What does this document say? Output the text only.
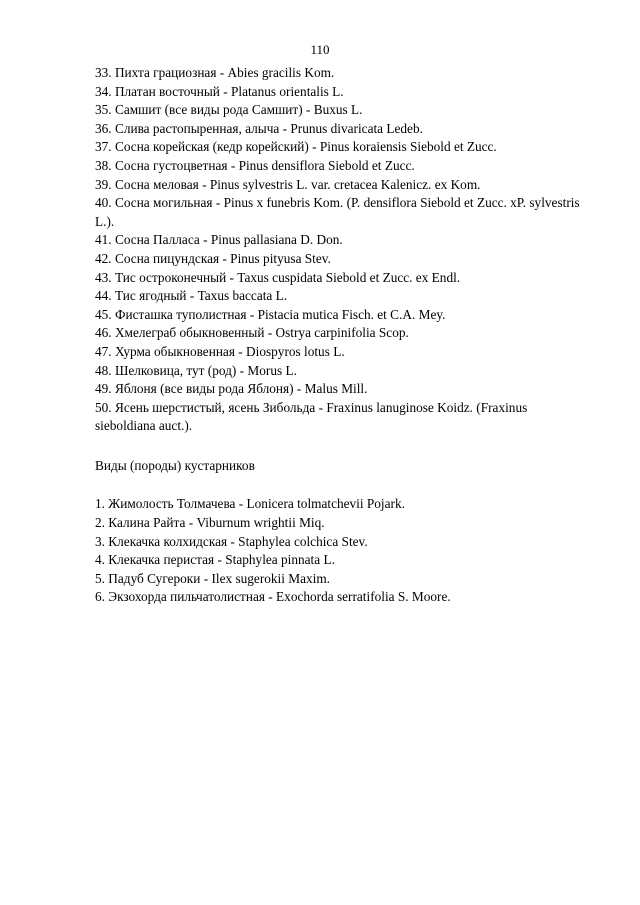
110

33. Пихта грациозная - Abies gracilis Kom.

34. Платан восточный - Platanus orientalis L.

35. Самшит (все виды рода Самшит) - Buxus L.

36. Слива растопыренная, алыча - Prunus divaricata Ledeb.

37. Сосна корейская (кедр корейский) - Pinus koraiensis Siebold et Zucc.

38. Сосна густоцветная - Pinus densiflora Siebold et Zucc.

39. Сосна меловая - Pinus sylvestris L. var. cretacea Kalenicz. ex Kom.

40. Сосна могильная - Pinus x funebris Kom. (P. densiflora Siebold et Zucc. xP. sylvestris L.).

41. Сосна Палласа - Pinus pallasiana D. Don.

42. Сосна пицундская - Pinus pityusa Stev.

43. Тис остроконечный - Taxus cuspidata Siebold et Zucc. ex Endl.

44. Тис ягодный - Taxus baccata L.

45. Фисташка туполистная - Pistacia mutica Fisch. et C.A. Mey.

46. Хмелеграб обыкновенный - Ostrya carpinifolia Scop.

47. Хурма обыкновенная - Diospyros lotus L.

48. Шелковица, тут (род) - Morus L.

49. Яблоня (все виды рода Яблоня) - Malus Mill.

50. Ясень шерстистый, ясень Зибольда - Fraxinus lanuginose Koidz. (Fraxinus sieboldiana auct.).

Виды (породы) кустарников

1. Жимолость Толмачева - Lonicera tolmatchevii Pojark.

2. Калина Райта - Viburnum wrightii Miq.

3. Клекачка колхидская - Staphylea colchica Stev.

4. Клекачка перистая - Staphylea pinnata L.

5. Падуб Сугероки - Ilex sugerokii Maxim.

6. Экзохорда пильчатолистная - Exochorda serratifolia S. Moore.
